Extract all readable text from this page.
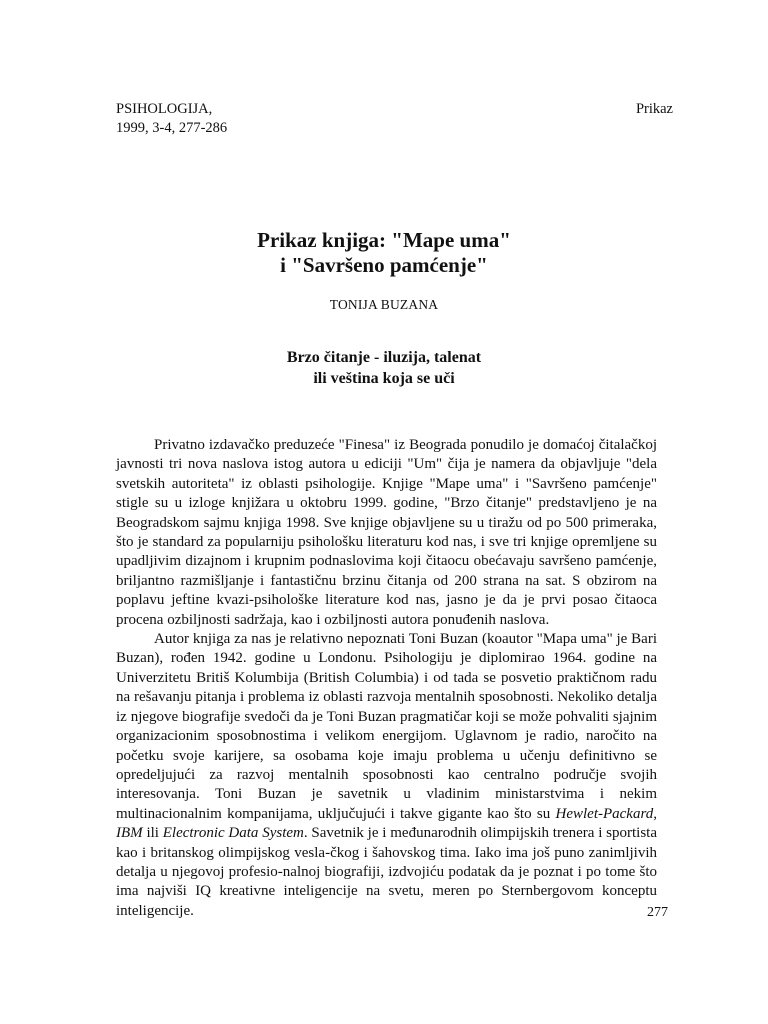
PSIHOLOGIJA,
1999, 3-4, 277-286
Prikaz
Prikaz knjiga: "Mape uma"
i "Savršeno pamćenje"
TONIJA BUZANA
Brzo čitanje - iluzija, talenat
ili veština koja se uči

Privatno izdavačko preduzeće "Finesa" iz Beograda ponudilo je domaćoj čitalačkoj javnosti tri nova naslova istog autora u ediciji "Um" čija je namera da objavljuje "dela svetskih autoriteta" iz oblasti psihologije. Knjige "Mape uma" i "Savršeno pamćenje" stigle su u izloge knjižara u oktobru 1999. godine, "Brzo čitanje" predstavljeno je na Beogradskom sajmu knjiga 1998. Sve knjige objavljene su u tiražu od po 500 primeraka, što je standard za popularniju psihološku literaturu kod nas, i sve tri knjige opremljene su upadljivim dizajnom i krupnim podnaslovima koji čitaocu obećavaju savršeno pamćenje, briljantno razmišljanje i fantastičnu brzinu čitanja od 200 strana na sat. S obzirom na poplavu jeftine kvazi-psihološke literature kod nas, jasno je da je prvi posao čitaoca procena ozbiljnosti sadržaja, kao i ozbiljnosti autora ponuđenih naslova.

Autor knjiga za nas je relativno nepoznati Toni Buzan (koautor "Mapa uma" je Bari Buzan), rođen 1942. godine u Londonu. Psihologiju je diplomirao 1964. godine na Univerzitetu Britiš Kolumbija (British Columbia) i od tada se posvetio praktičnom radu na rešavanju pitanja i problema iz oblasti razvoja mentalnih sposobnosti. Nekoliko detalja iz njegove biografije svedoči da je Toni Buzan pragmatičar koji se može pohvaliti sjajnim organizacionim sposobnostima i velikom energijom. Uglavnom je radio, naročito na početku svoje karijere, sa osobama koje imaju problema u učenju definitivno se opredeljujući za razvoj mentalnih sposobnosti kao centralno područje svojih interesovanja. Toni Buzan je savetnik u vladinim ministarstvima i nekim multinacionalnim kompanijama, uključujući i takve gigante kao što su Hewlet-Packard, IBM ili Electronic Data System. Savetnik je i međunarodnih olimpijskih trenera i sportista kao i britanskog olimpijskog vesla-čkog i šahovskog tima. Iako ima još puno zanimljivih detalja u njegovoj profesio-nalnoj biografiji, izdvojiću podatak da je poznat i po tome što ima najviši IQ kreativne inteligencije na svetu, meren po Sternbergovom konceptu inteligencije.	277
